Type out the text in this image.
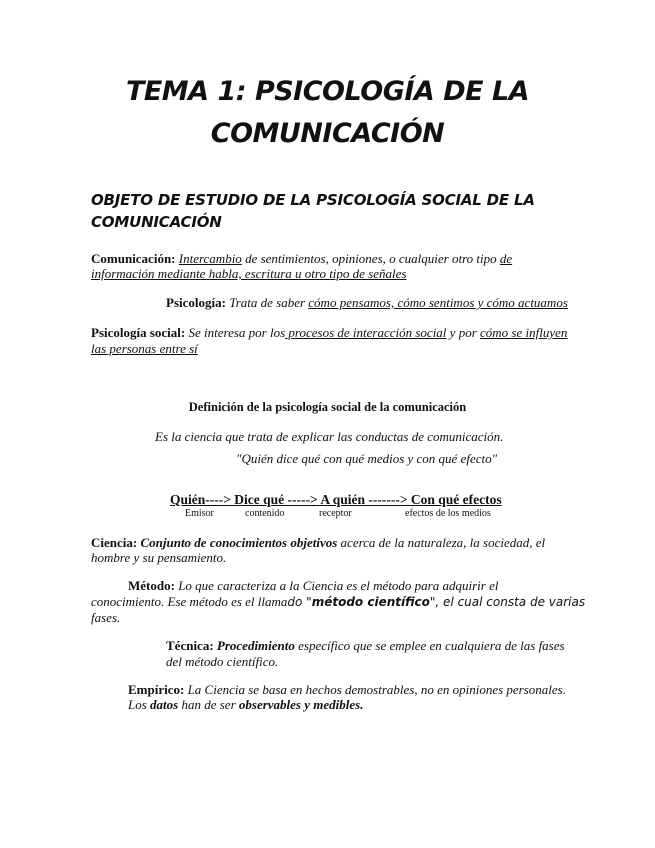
TEMA 1: PSICOLOGÍA DE LA
COMUNICACIÓN
OBJETO DE ESTUDIO DE LA PSICOLOGÍA SOCIAL DE LA
COMUNICACIÓN
Comunicación: Intercambio de sentimientos, opiniones, o cualquier otro tipo de
información mediante habla, escritura u otro tipo de señales
Psicología: Trata de saber cómo pensamos, cómo sentimos y cómo actuamos
Psicología social: Se interesa por los procesos de interacción social y por cómo se influyen
las personas entre sí
Definición de la psicología social de la comunicación
Es la ciencia que trata de explicar las conductas de comunicación.
"Quién dice qué con qué medios y con qué efecto"
Quién----> Dice qué -----> A quién -------> Con qué efectos
Emisor	contenido	receptor	efectos de los medios
Ciencia: Conjunto de conocimientos objetivos acerca de la naturaleza, la sociedad, el
hombre y su pensamiento.
Método: Lo que caracteriza a la Ciencia es el método para adquirir el
conocimiento. Ese método es el llamado "método científico", el cual consta de varias
fases.
Técnica: Procedimiento específico que se emplee en cualquiera de las fases
del método científico.
Empírico: La Ciencia se basa en hechos demostrables, no en opiniones personales.
Los datos han de ser observables y medibles.
